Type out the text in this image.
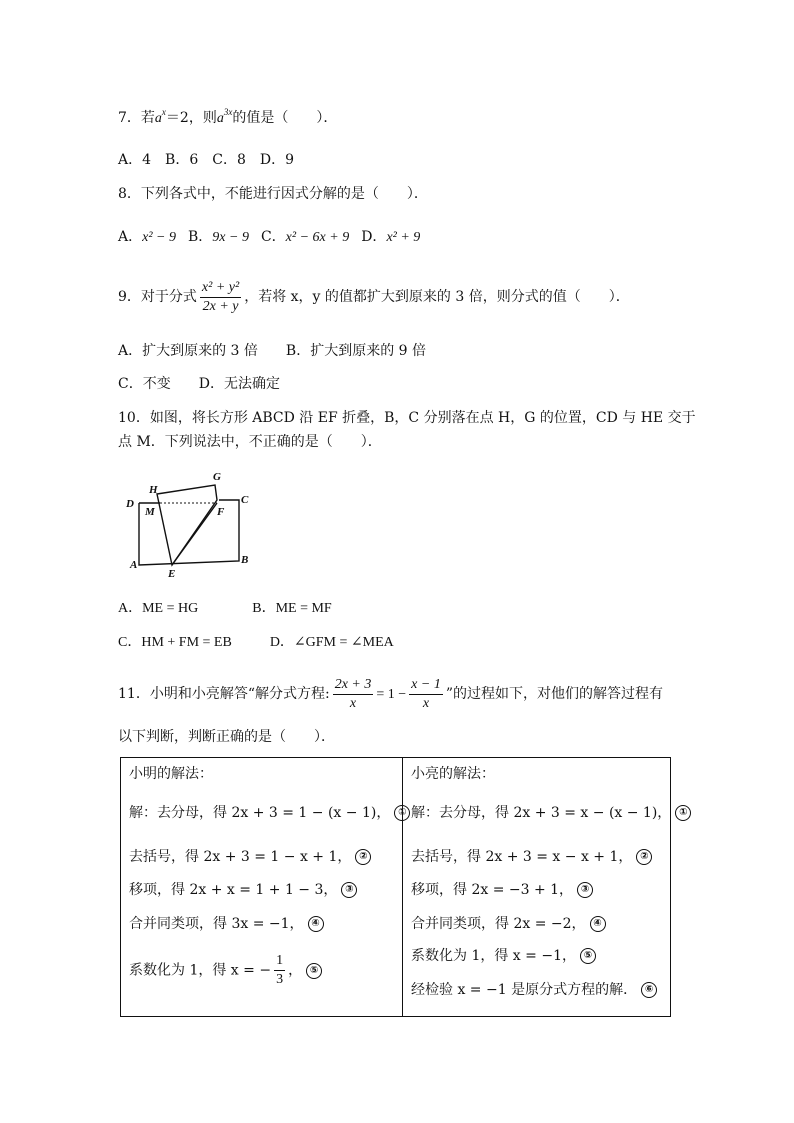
7．若$a^x=2$，则$a^{3x}$的值是（　　）．
A．4 B．6 C．8 D．9
8．下列各式中，不能进行因式分解的是（　　）．
A．x² − 9 B．9x − 9 C．x² − 6x + 9 D．x² + 9
9．对于分式 $\frac{\text{x² + y²}}{2x + y}$ ，若将 x，y 的值都扩大到原来的 3 倍，则分式的值（　　）．
A．扩大到原来的 3 倍 B．扩大到原来的 9 倍
C．不变 D．无法确定
10．如图，将长方形 ABCD 沿 EF 折叠，B，C 分别落在点 H，G 的位置，CD 与 HE 交于
点 M．下列说法中，不正确的是（　　）．
A	B
C
D
E
F
G
H
M
A．ME = HG	B．ME = MF
C．HM + FM = EB	D．∠GFM = ∠MEA
11．小明和小亮解答“解分式方程: $\frac{2x + 3}{x} = 1 - \frac{x - 1}{x}$ ”的过程如下，对他们的解答过程有
以下判断，判断正确的是（　　）．
小明的解法：
解：去分母，得 2x + 3 = 1 − (x − 1)， ①
去括号，得 2x + 3 = 1 − x + 1， ②
移项，得 2x + x = 1 + 1 − 3， ③
合并同类项，得 3x = −1， ④
系数化为 1，得 x = − $\frac{1}{3}$ ， ⑤
小亮的解法：
解：去分母，得 2x + 3 = x − (x − 1)， ①
去括号，得 2x + 3 = x − x + 1， ②
移项，得 2x = −3 + 1， ③
合并同类项，得 2x = −2， ④
系数化为 1，得 x = −1， ⑤
经检验 x = −1 是原分式方程的解． ⑥
